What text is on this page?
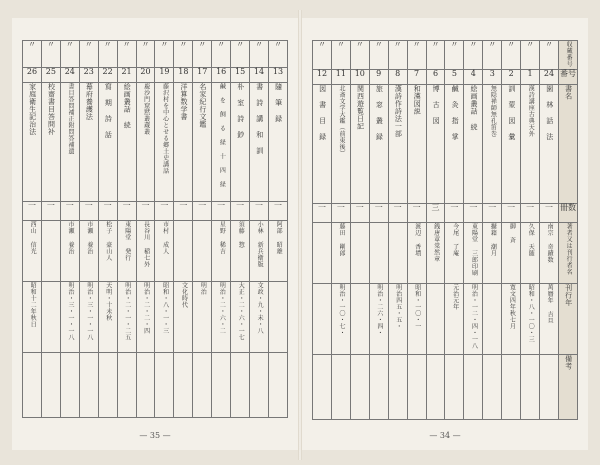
〃	〃	〃	〃	〃	〃	〃	〃	〃	〃	〃	〃	〃	〃
26	25	24	23	22	21	20	19	18	17	16	15	14	13
家庭衛生記治法	校齋書目答問补	書目答問補正附問答補遺	幕府養護法	寫 期 詩 話	絵画叢話 続	鹿沙門窟黙叢蔵叢	藤沢村を中心とせる郷土史講話	洋算数学書	名家紀行文鑑	鹹 を 飼 る 経 十 四 経	朴 室 詩 鈔	書 詩 講 和 訓	隨 筆 録
一	一	一	一	一	一	一	一	一	一	一	一	一	一
西山 信光		市瀬 養治	市瀬 養治	松子 豪山人	東陽堂 発行	長谷川 稲七外	市村 成人			星野 稀吉	須藤 惣	小林 新兵衛版	阿部 昭雄
昭和十二年秋日		明治・三・一・一八	明治・三・一・一八	天明・十未秋	明治・二・一・二五	明治・二・二・四	昭和・八・一・三	文化時代	明治	明治・二・六・二	大正・二・六・一七	文政・九・未・八	

— 35 —
〃	〃	〃	〃	〃	〃	〃	〃	〃	〃	〃	〃	〃	収蔵番号
12	11	10	9	8	7	6	5	4	3	2	1	24	番号
図 書 目 録	北斎文学大鑑（前東後）	関西遊覧日記	旅 窓 叢 録	漢詩作詩法一部	和漢図説	博 古 図	鹹 灸 指 掌	絵画叢話 続	無隠禅師無孔笛巻	訓 蒙 図 彙	漢詩講座古典天外	園 林 話 法	書名
一	一	一	一	一	一	三	一	一	一	一	一	一	冊数
	藤田 剛郎				渡辺 香墳	銭唐章棠然章	今尾 了庵	東陽堂 三郎印刷	攝籍 潮月	御 斉	久保 天随	南宗 奇蹟数	著者又は刊行者名
	明治・一〇・七・		明治・二六・四・	明治四五・五・	昭和・一〇・一		元治元年	明治・一二・四・一八		寛文四年秋七月	昭和・八・一〇・三	萬暦年 吉旦	刊行年
													備考
— 34 —
